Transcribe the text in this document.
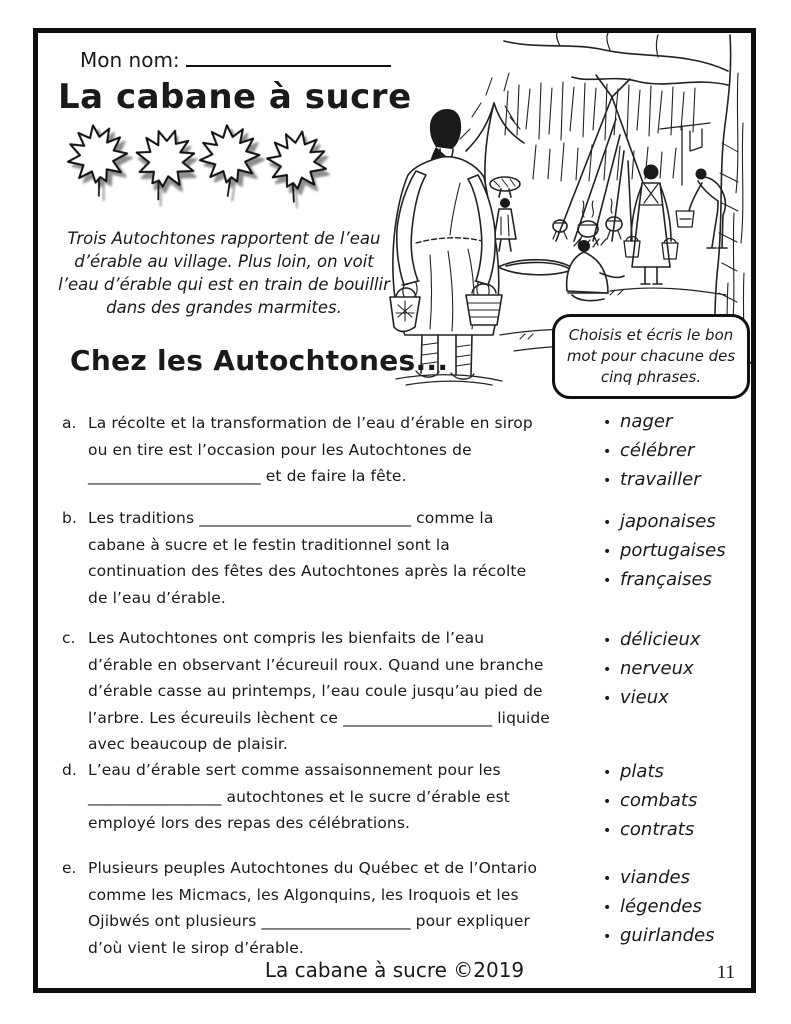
Mon nom:
La cabane à sucre

Trois Autochtones rapportent de l’eau d’érable au village. Plus loin, on voit l’eau d’érable qui est en train de bouillir dans des grandes marmites.

Choisis et écris le bon mot pour chacune des cinq phrases.
Chez les Autochtones...
a. La récolte et la transformation de l’eau d’érable en sirop ou en tire est l’occasion pour les Autochtones de ______________________ et de faire la fête.
b. Les traditions ___________________________ comme la cabane à sucre et le festin traditionnel sont la continuation des fêtes des Autochtones après la récolte de l’eau d’érable.
c. Les Autochtones ont compris les bienfaits de l’eau d’érable en observant l’écureuil roux. Quand une branche d’érable casse au printemps, l’eau coule jusqu’au pied de l’arbre. Les écureuils lèchent ce ___________________ liquide avec beaucoup de plaisir.
d. L’eau d’érable sert comme assaisonnement pour les _________________ autochtones et le sucre d’érable est employé lors des repas des célébrations.
e. Plusieurs peuples Autochtones du Québec et de l’Ontario comme les Micmacs, les Algonquins, les Iroquois et les Ojibwés ont plusieurs ___________________ pour expliquer d’où vient le sirop d’érable.
• nager
• célébrer
• travailler
• japonaises
• portugaises
• françaises
• délicieux
• nerveux
• vieux
• plats
• combats
• contrats
• viandes
• légendes
• guirlandes
La cabane à sucre ©2019	11
